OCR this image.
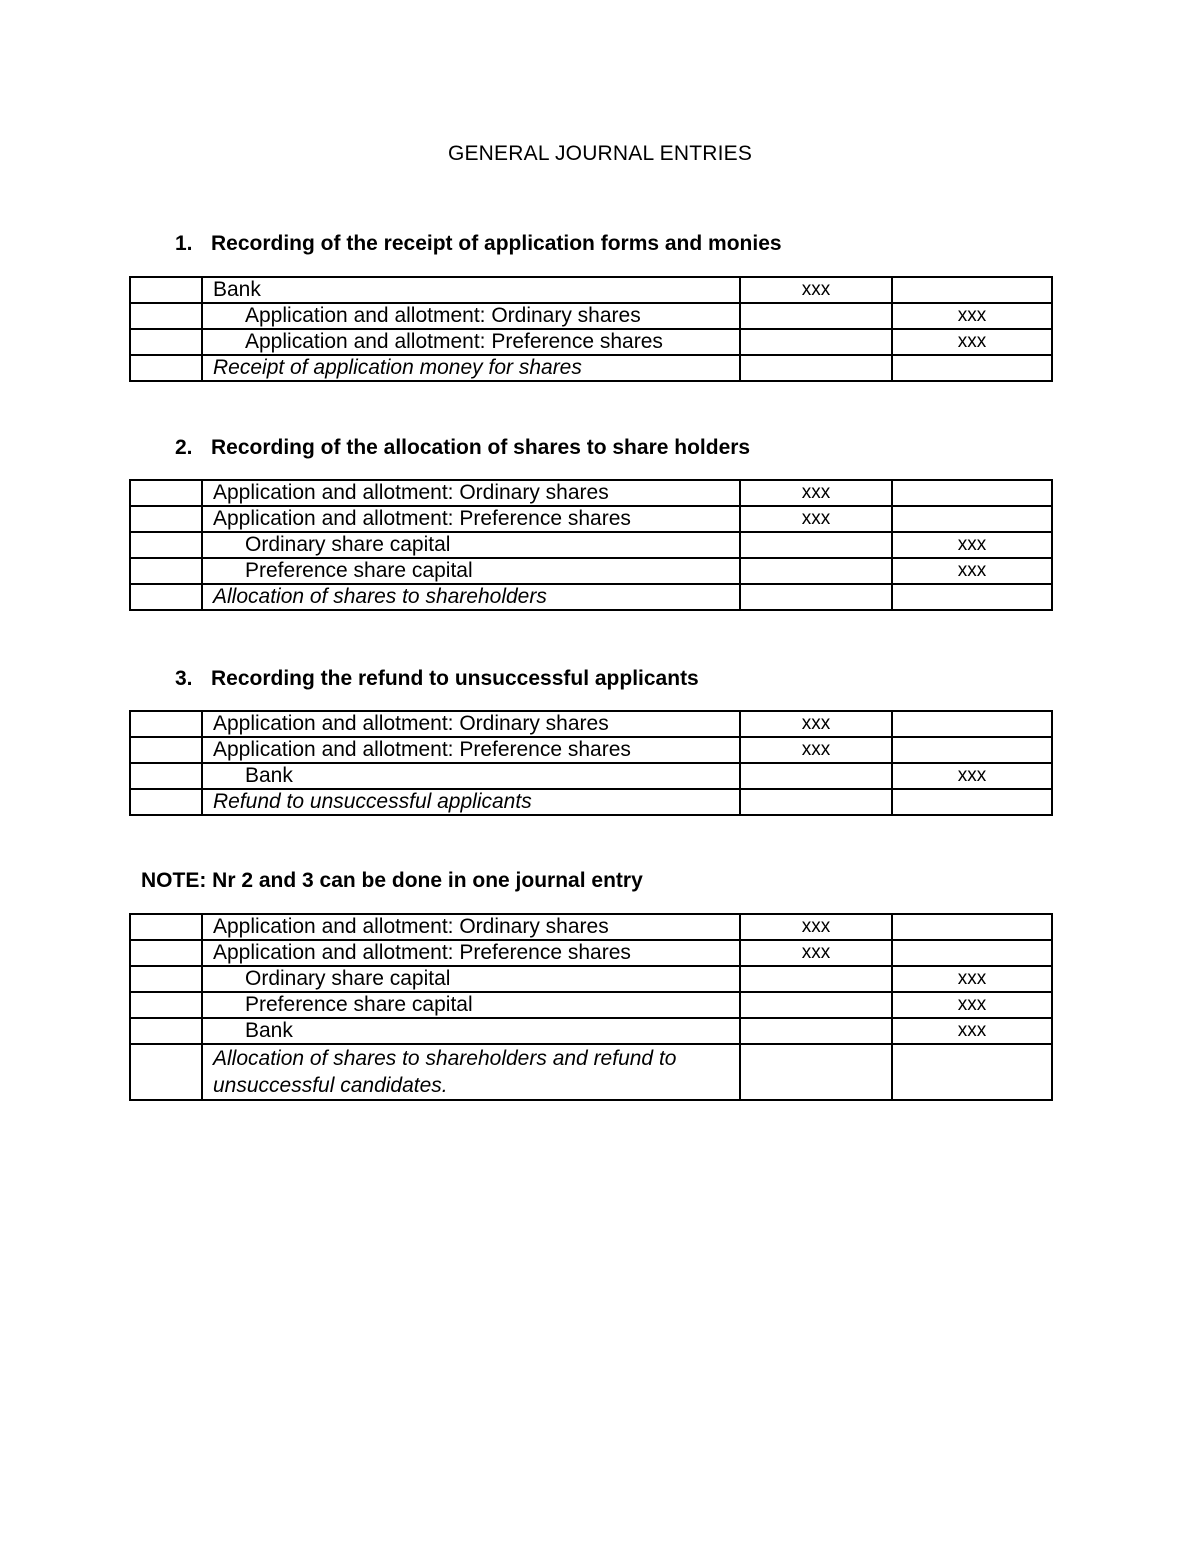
GENERAL JOURNAL ENTRIES
1. Recording of the receipt of application forms and monies
	Bank	xxx	
	Application and allotment: Ordinary shares		xxx
	Application and allotment: Preference shares		xxx
	Receipt of application money for shares		
2. Recording of the allocation of shares to share holders
	Application and allotment: Ordinary shares	xxx	
	Application and allotment: Preference shares	xxx	
	Ordinary share capital		xxx
	Preference share capital		xxx
	Allocation of shares to shareholders		
3. Recording the refund to unsuccessful applicants
	Application and allotment: Ordinary shares	xxx	
	Application and allotment: Preference shares	xxx	
	Bank		xxx
	Refund to unsuccessful applicants		
NOTE: Nr 2 and 3 can be done in one journal entry
	Application and allotment: Ordinary shares	xxx	
	Application and allotment: Preference shares	xxx	
	Ordinary share capital		xxx
	Preference share capital		xxx
	Bank		xxx
	Allocation of shares to shareholders and refund to unsuccessful candidates.		
